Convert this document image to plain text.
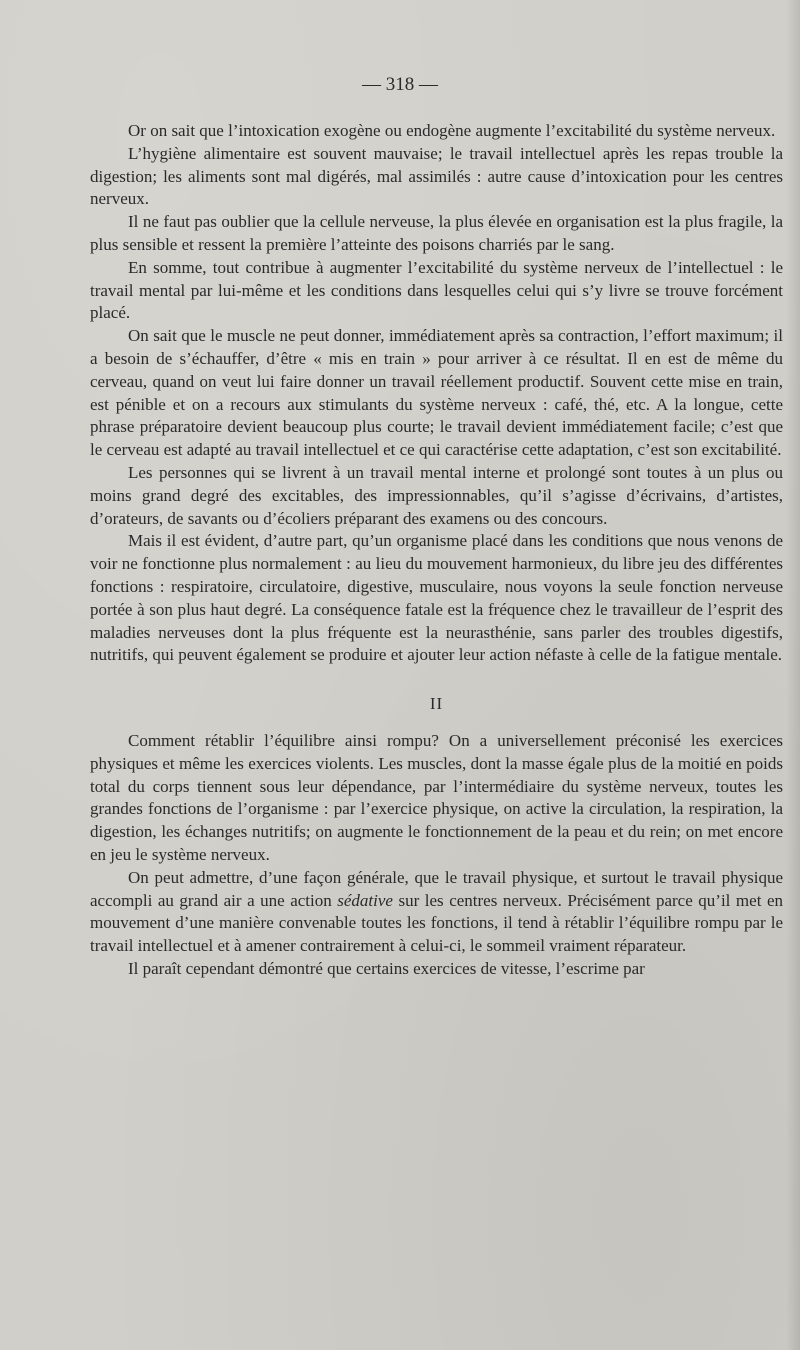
— 318 —

Or on sait que l’intoxication exogène ou endogène augmente l’excitabilité du système nerveux.

L’hygiène alimentaire est souvent mauvaise; le travail intellectuel après les repas trouble la digestion; les aliments sont mal digérés, mal assimilés : autre cause d’intoxication pour les centres nerveux.

Il ne faut pas oublier que la cellule nerveuse, la plus élevée en organisation est la plus fragile, la plus sensible et ressent la première l’atteinte des poisons charriés par le sang.

En somme, tout contribue à augmenter l’excitabilité du système nerveux de l’intellectuel : le travail mental par lui-même et les conditions dans lesquelles celui qui s’y livre se trouve forcément placé.

On sait que le muscle ne peut donner, immédiatement après sa contraction, l’effort maximum; il a besoin de s’échauffer, d’être « mis en train » pour arriver à ce résultat. Il en est de même du cerveau, quand on veut lui faire donner un travail réellement productif. Souvent cette mise en train, est pénible et on a recours aux stimulants du système nerveux : café, thé, etc. A la longue, cette phrase préparatoire devient beaucoup plus courte; le travail devient immédiatement facile; c’est que le cerveau est adapté au travail intellectuel et ce qui caractérise cette adaptation, c’est son excitabilité.

Les personnes qui se livrent à un travail mental interne et prolongé sont toutes à un plus ou moins grand degré des excitables, des impressionnables, qu’il s’agisse d’écrivains, d’artistes, d’orateurs, de savants ou d’écoliers préparant des examens ou des concours.

Mais il est évident, d’autre part, qu’un organisme placé dans les conditions que nous venons de voir ne fonctionne plus normalement : au lieu du mouvement harmonieux, du libre jeu des différentes fonctions : respiratoire, circulatoire, digestive, musculaire, nous voyons la seule fonction nerveuse portée à son plus haut degré. La conséquence fatale est la fréquence chez le travailleur de l’esprit des maladies nerveuses dont la plus fréquente est la neurasthénie, sans parler des troubles digestifs, nutritifs, qui peuvent également se produire et ajouter leur action néfaste à celle de la fatigue mentale.

II

Comment rétablir l’équilibre ainsi rompu? On a universellement préconisé les exercices physiques et même les exercices violents. Les muscles, dont la masse égale plus de la moitié en poids total du corps tiennent sous leur dépendance, par l’intermédiaire du système nerveux, toutes les grandes fonctions de l’organisme : par l’exercice physique, on active la circulation, la respiration, la digestion, les échanges nutritifs; on augmente le fonctionnement de la peau et du rein; on met encore en jeu le système nerveux.

On peut admettre, d’une façon générale, que le travail physique, et surtout le travail physique accompli au grand air a une action sédative sur les centres nerveux. Précisément parce qu’il met en mouvement d’une manière convenable toutes les fonctions, il tend à rétablir l’équilibre rompu par le travail intellectuel et à amener contrairement à celui-ci, le sommeil vraiment réparateur.

Il paraît cependant démontré que certains exercices de vitesse, l’escrime par
